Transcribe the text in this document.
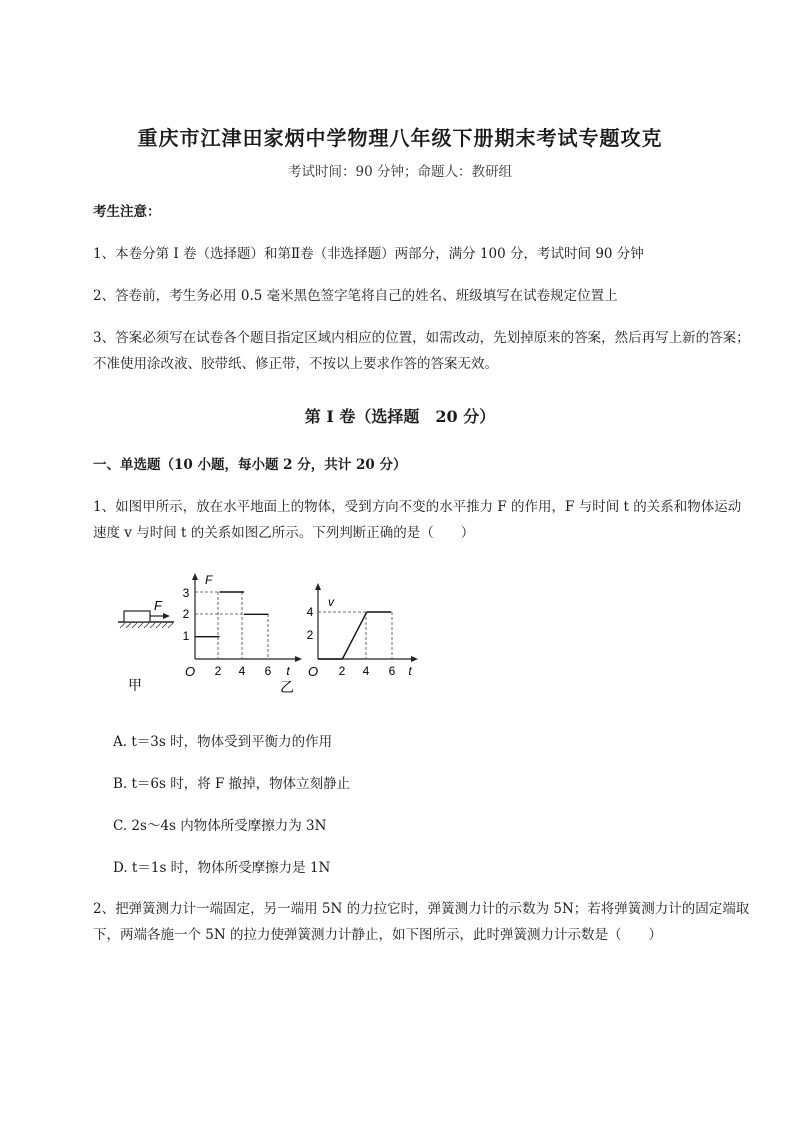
重庆市江津田家炳中学物理八年级下册期末考试专题攻克

考试时间：90 分钟；命题人：教研组

考生注意：

1、本卷分第 I 卷（选择题）和第Ⅱ卷（非选择题）两部分，满分 100 分，考试时间 90 分钟

2、答卷前，考生务必用 0.5 毫米黑色签字笔将自己的姓名、班级填写在试卷规定位置上

3、答案必须写在试卷各个题目指定区域内相应的位置，如需改动，先划掉原来的答案，然后再写上新的答案；不准使用涂改液、胶带纸、修正带，不按以上要求作答的答案无效。

第 I 卷（选择题　20 分）

一、单选题（10 小题，每小题 2 分，共计 20 分）

1、如图甲所示，放在水平地面上的物体，受到方向不变的水平推力 F 的作用，F 与时间 t 的关系和物体运动速度 v 与时间 t 的关系如图乙所示。下列判断正确的是（　　）

F
甲
F
3
2
1
O 2 4 6 t
乙
v
4
2
O 2 4 6 t

A. t＝3s 时，物体受到平衡力的作用

B. t＝6s 时，将 F 撤掉，物体立刻静止

C. 2s～4s 内物体所受摩擦力为 3N

D. t＝1s 时，物体所受摩擦力是 1N

2、把弹簧测力计一端固定，另一端用 5N 的力拉它时，弹簧测力计的示数为 5N；若将弹簧测力计的固定端取下，两端各施一个 5N 的拉力使弹簧测力计静止，如下图所示，此时弹簧测力计示数是（　　）
